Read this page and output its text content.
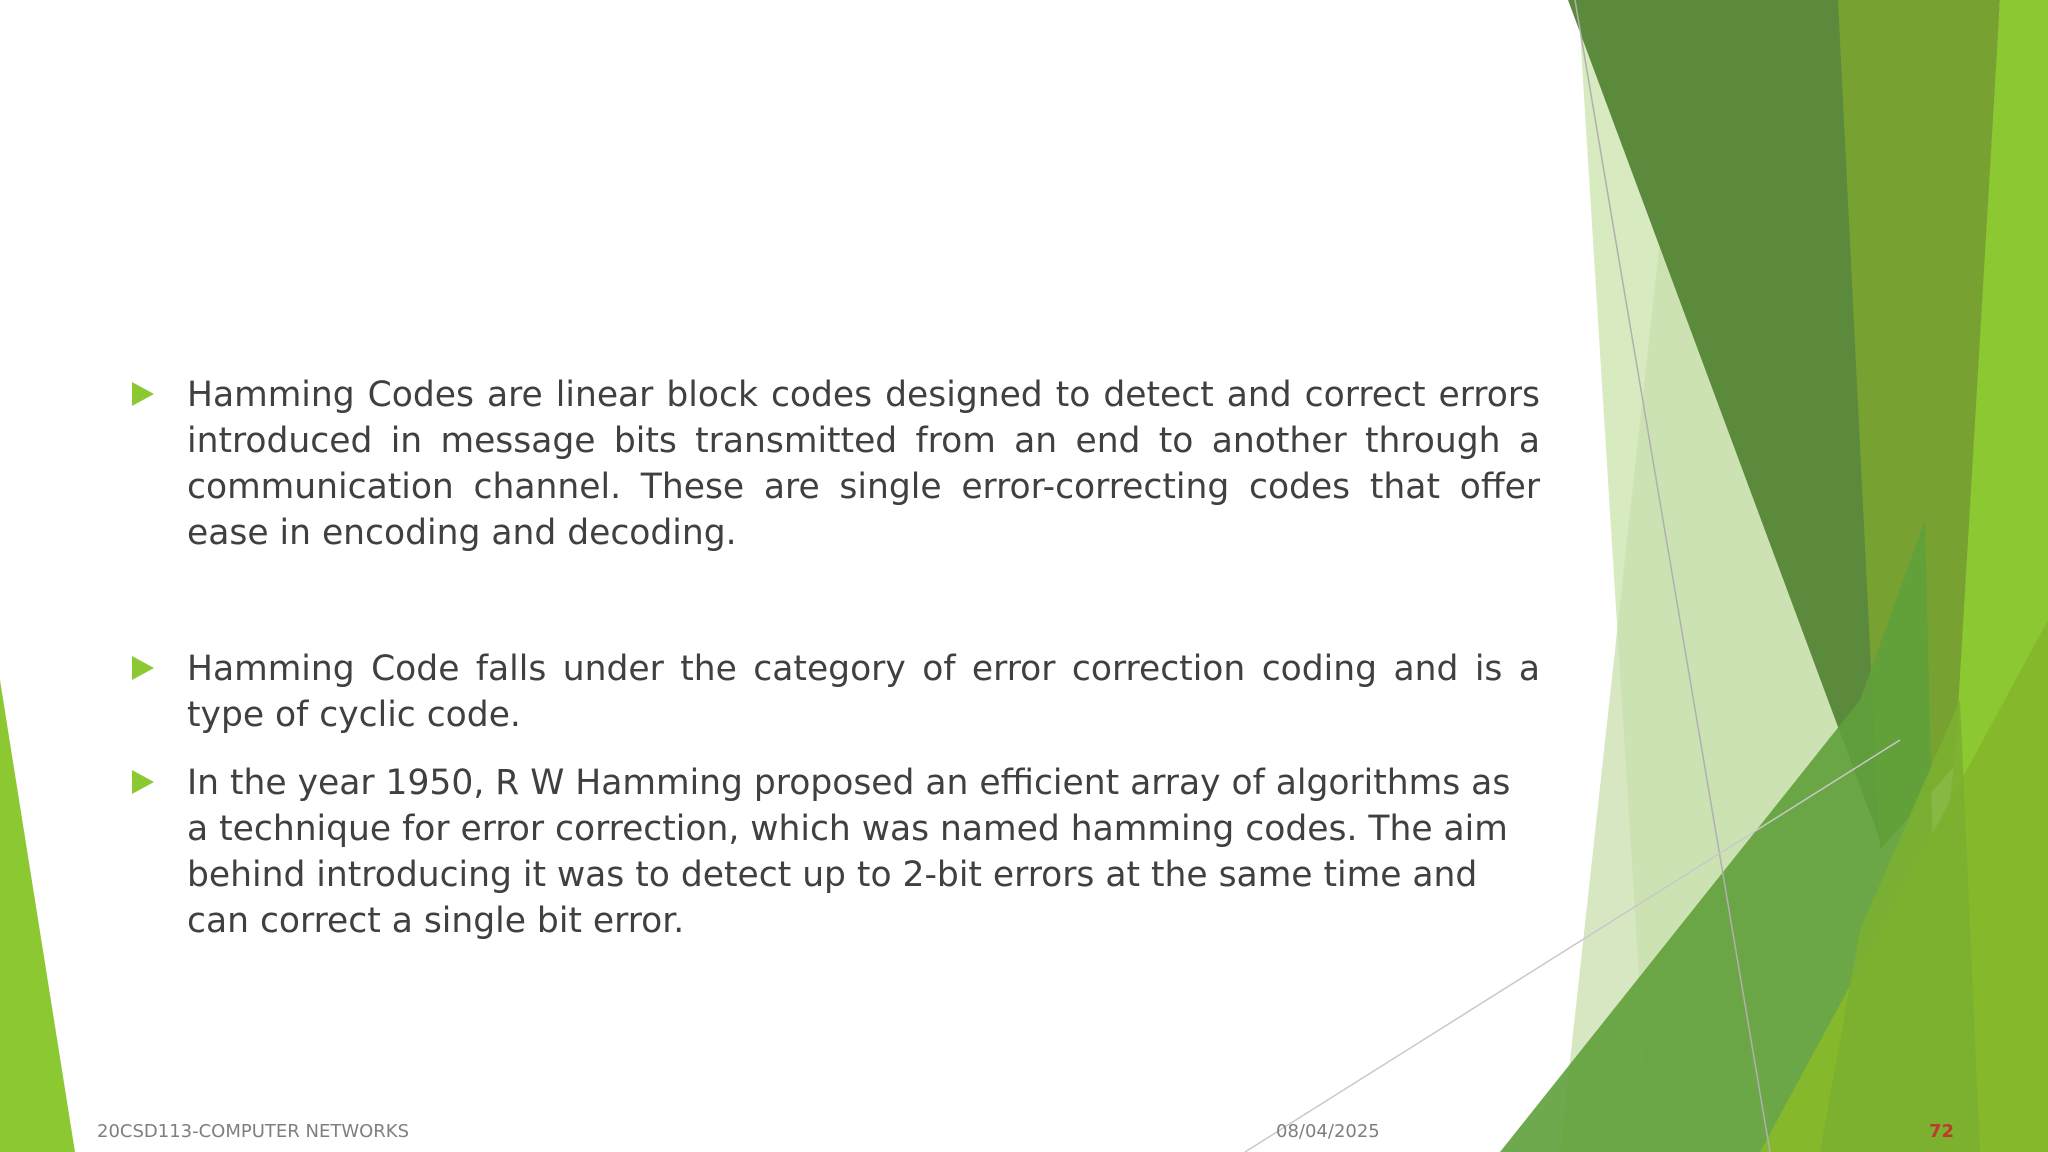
Hamming Codes are linear block codes designed to detect and correct errors introduced in message bits transmitted from an end to another through a communication channel. These are single error-correcting codes that offer ease in encoding and decoding.
Hamming Code falls under the category of error correction coding and is a type of cyclic code.
In the year 1950, R W Hamming proposed an efficient array of algorithms as a technique for error correction, which was named hamming codes. The aim behind introducing it was to detect up to 2-bit errors at the same time and can correct a single bit error.
20CSD113-COMPUTER NETWORKS	08/04/2025	72
